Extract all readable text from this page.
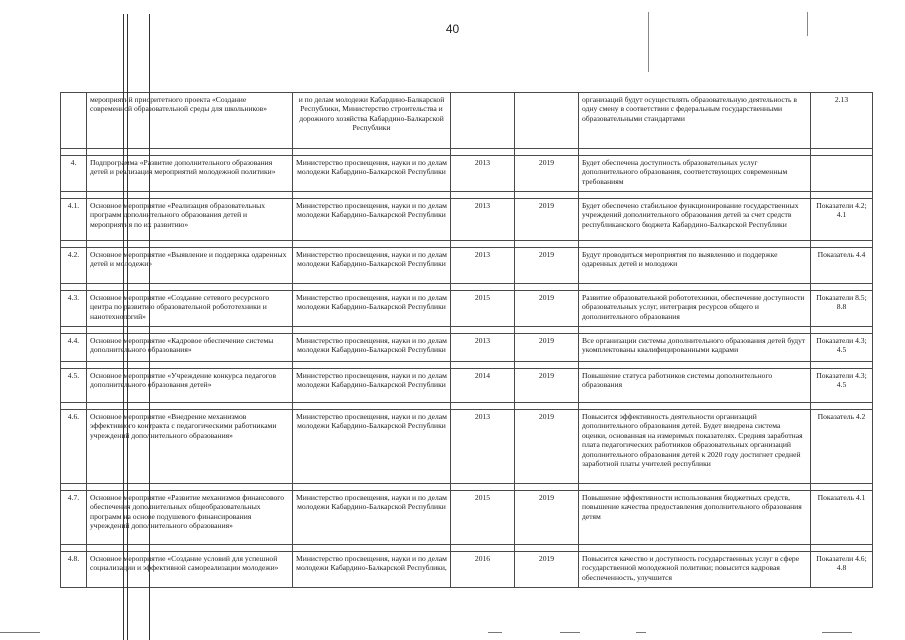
40
	мероприятий приоритетного проекта «Создание современной образовательной среды для школьников»	и по делам молодежи Кабардино-Балкарской Республики, Министерство строительства и дорожного хозяйства Кабардино-Балкарской Республики			организаций будут осуществлять образовательную деятельность в одну смену в соответствии с федеральным государственными образовательными стандартами	2.13

4.	Подпрограмма «Развитие дополнительного образования детей и реализация мероприятий молодежной политики»	Министерство просвещения, науки и по делам молодежи Кабардино-Балкарской Республики	2013	2019	Будет обеспечена доступность образовательных услуг дополнительного образования, соответствующих современным требованиям	

4.1.	Основное мероприятие «Реализация образовательных программ дополнительного образования детей и мероприятия по их развитию»	Министерство просвещения, науки и по делам молодежи Кабардино-Балкарской Республики	2013	2019	Будет обеспечено стабильное функционирование государственных учреждений дополнительного образования детей за счет средств республиканского бюджета Кабардино-Балкарской Республики	Показатели 4.2; 4.1

4.2.	Основное мероприятие «Выявление и поддержка одаренных детей и молодежи»	Министерство просвещения, науки и по делам молодежи Кабардино-Балкарской Республики	2013	2019	Будут проводиться мероприятия по выявлению и поддержке одаренных детей и молодежи	Показатель 4.4

4.3.	Основное мероприятие «Создание сетевого ресурсного центра по развитию образовательной робототехники и нанотехнологий»	Министерство просвещения, науки и по делам молодежи Кабардино-Балкарской Республики	2015	2019	Развитие образовательной робототехники, обеспечение доступности образовательных услуг, интеграция ресурсов общего и дополнительного образования	Показатели 8.5; 8.8

4.4.	Основное мероприятие «Кадровое обеспечение системы дополнительного образования»	Министерство просвещения, науки и по делам молодежи Кабардино-Балкарской Республики	2013	2019	Все организации системы дополнительного образования детей будут укомплектованы квалифицированными кадрами	Показатели 4.3; 4.5

4.5.	Основное мероприятие «Учреждение конкурса педагогов дополнительного образования детей»	Министерство просвещения, науки и по делам молодежи Кабардино-Балкарской Республики	2014	2019	Повышение статуса работников системы дополнительного образования	Показатели 4.3; 4.5

4.6.	Основное мероприятие «Внедрение механизмов эффективного контракта с педагогическими работниками учреждений дополнительного образования»	Министерство просвещения, науки и по делам молодежи Кабардино-Балкарской Республики	2013	2019	Повысится эффективность деятельности организаций дополнительного образования детей. Будет внедрена система оценки, основанная на измеримых показателях. Средняя заработная плата педагогических работников образовательных организаций дополнительного образования детей к 2020 году достигнет средней заработной платы учителей республики	Показатель 4.2

4.7.	Основное мероприятие «Развитие механизмов финансового обеспечения дополнительных общеобразовательных программ на основе подушевого финансирования учреждений дополнительного образования»	Министерство просвещения, науки и по делам молодежи Кабардино-Балкарской Республики	2015	2019	Повышение эффективности использования бюджетных средств, повышение качества предоставления дополнительного образования детям	Показатель 4.1

4.8.	Основное мероприятие «Создание условий для успешной социализации и эффективной самореализации молодежи»	Министерство просвещения, науки и по делам молодежи Кабардино-Балкарской Республики,	2016	2019	Повысится качество и доступность государственных услуг в сфере государственной молодежной политики; повысится кадровая обеспеченность, улучшится	Показатели 4.6; 4.8
